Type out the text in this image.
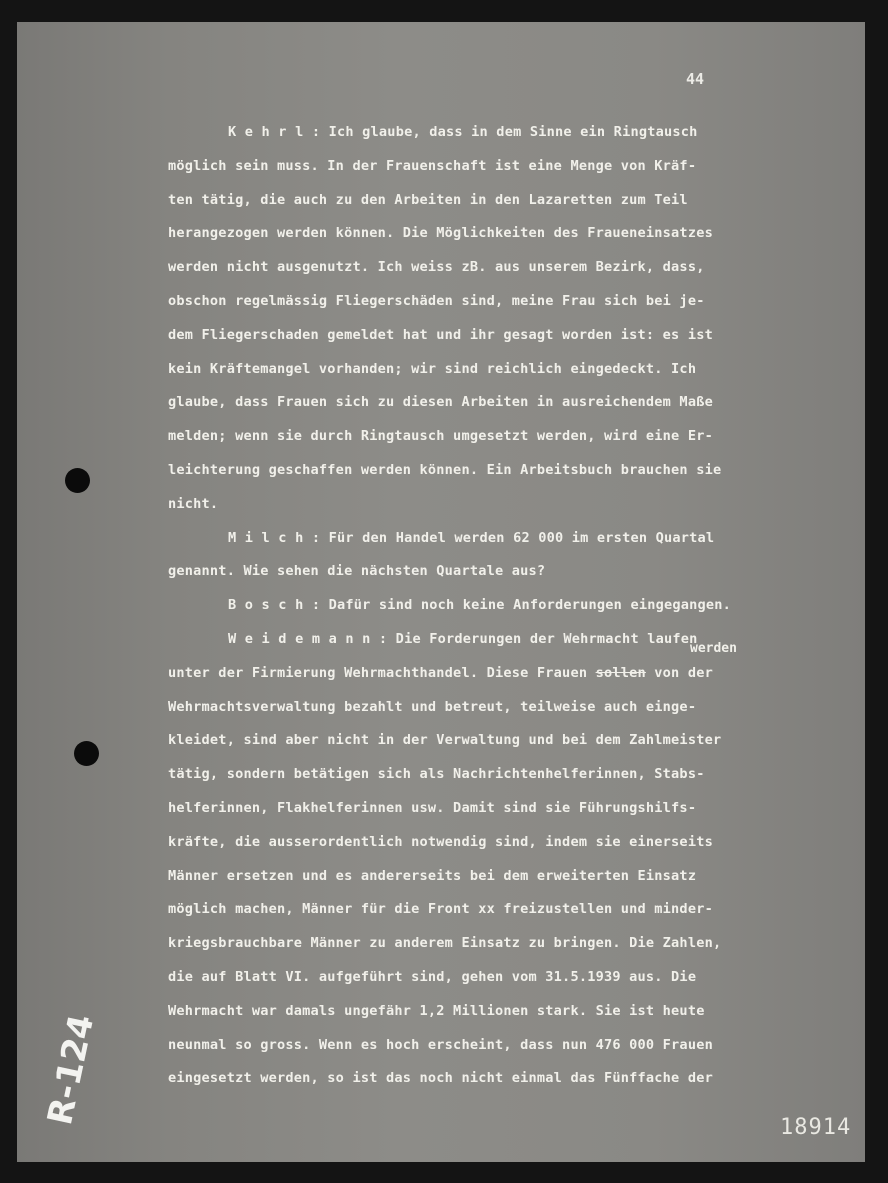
44
werden
K e h r l : Ich glaube, dass in dem Sinne ein Ringtausch
möglich sein muss. In der Frauenschaft ist eine Menge von Kräf-
ten tätig, die auch zu den Arbeiten in den Lazaretten zum Teil
herangezogen werden können. Die Möglichkeiten des Fraueneinsatzes
werden nicht ausgenutzt. Ich weiss zB. aus unserem Bezirk, dass,
obschon regelmässig Fliegerschäden sind, meine Frau sich bei je-
dem Fliegerschaden gemeldet hat und ihr gesagt worden ist: es ist
kein Kräftemangel vorhanden; wir sind reichlich eingedeckt. Ich
glaube, dass Frauen sich zu diesen Arbeiten in ausreichendem Maße
melden; wenn sie durch Ringtausch umgesetzt werden, wird eine Er-
leichterung geschaffen werden können. Ein Arbeitsbuch brauchen sie
nicht.
M i l c h : Für den Handel werden 62 000 im ersten Quartal
genannt. Wie sehen die nächsten Quartale aus?
B o s c h : Dafür sind noch keine Anforderungen eingegangen.
W e i d e m a n n : Die Forderungen der Wehrmacht laufen
unter der Firmierung Wehrmachthandel. Diese Frauen sollen von der
Wehrmachtsverwaltung bezahlt und betreut, teilweise auch einge-
kleidet, sind aber nicht in der Verwaltung und bei dem Zahlmeister
tätig, sondern betätigen sich als Nachrichtenhelferinnen, Stabs-
helferinnen, Flakhelferinnen usw. Damit sind sie Führungshilfs-
kräfte, die ausserordentlich notwendig sind, indem sie einerseits
Männer ersetzen und es andererseits bei dem erweiterten Einsatz
möglich machen, Männer für die Front xx freizustellen und minder-
kriegsbrauchbare Männer zu anderem Einsatz zu bringen. Die Zahlen,
die auf Blatt VI. aufgeführt sind, gehen vom 31.5.1939 aus. Die
Wehrmacht war damals ungefähr 1,2 Millionen stark. Sie ist heute
neunmal so gross. Wenn es hoch erscheint, dass nun 476 000 Frauen
eingesetzt werden, so ist das noch nicht einmal das Fünffache der
18914
R-124
